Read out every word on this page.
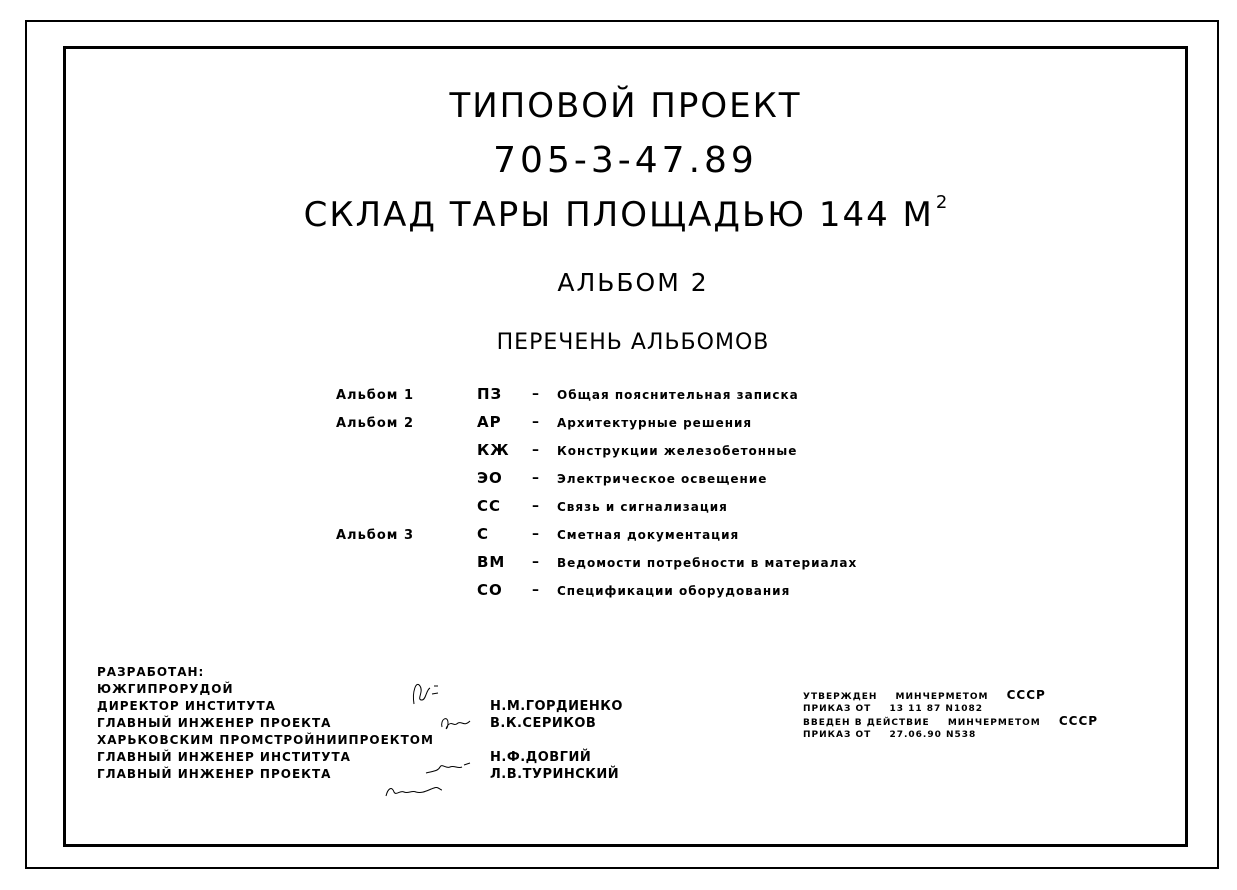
ТИПОВОЙ ПРОЕКТ
705-3-47.89
СКЛАД ТАРЫ ПЛОЩАДЬЮ 144 М $^2$
АЛЬБОМ 2
ПЕРЕЧЕНЬ АЛЬБОМОВ
Альбом 1	ПЗ – Общая пояснительная записка
Альбом 2	АР – Архитектурные решения
КЖ – Конструкции железобетонные
ЭО – Электрическое освещение
СС – Связь и сигнализация
Альбом 3	С	– Сметная документация
ВМ – Ведомости потребности в материалах
СО – Спецификации оборудования
РАЗРАБОТАН:
ЮЖГИПРОРУДОЙ
ДИРЕКТОР ИНСТИТУТА	Н.М.ГОРДИЕНКО
ГЛАВНЫЙ ИНЖЕНЕР ПРОЕКТА	В.К.СЕРИКОВ
ХАРЬКОВСКИМ ПРОМСТРОЙНИИПРОЕКТОМ
ГЛАВНЫЙ ИНЖЕНЕР ИНСТИТУТА	Н.Ф.ДОВГИЙ
ГЛАВНЫЙ ИНЖЕНЕР ПРОЕКТА	Л.В.ТУРИНСКИЙ
УТВЕРЖДЕН МИНЧЕРМЕТОМ СССР
ПРИКАЗ ОТ 13 11 87 N1082
ВВЕДЕН В ДЕЙСТВИЕ МИНЧЕРМЕТОМ СССР
ПРИКАЗ ОТ 27.06.90 N538
